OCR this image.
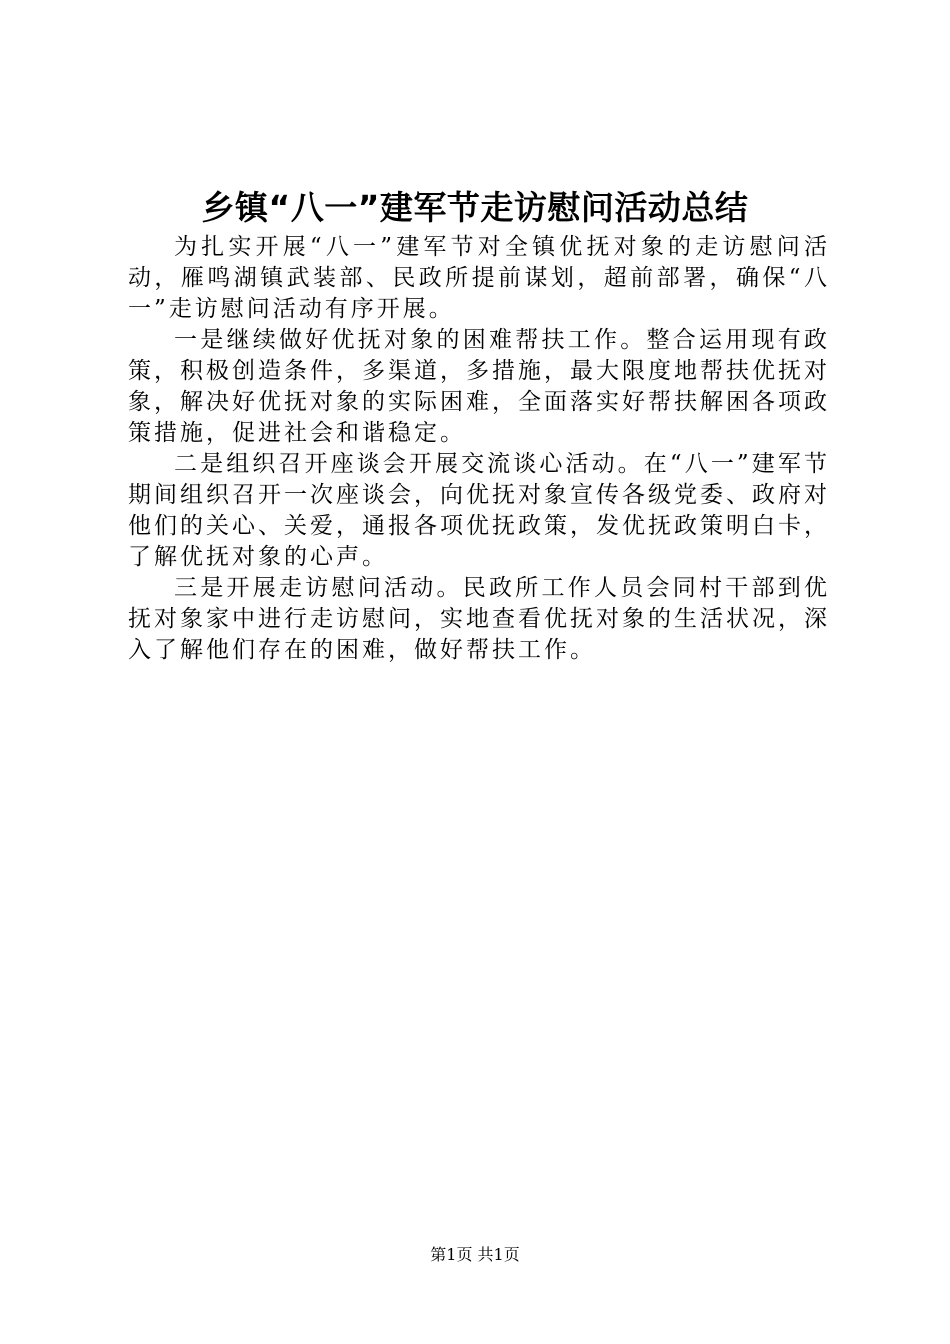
乡镇“八一”建军节走访慰问活动总结

为扎实开展“八一”建军节对全镇优抚对象的走访慰问活动，雁鸣湖镇武装部、民政所提前谋划，超前部署，确保“八一”走访慰问活动有序开展。

一是继续做好优抚对象的困难帮扶工作。整合运用现有政策，积极创造条件，多渠道，多措施，最大限度地帮扶优抚对象，解决好优抚对象的实际困难，全面落实好帮扶解困各项政策措施，促进社会和谐稳定。

二是组织召开座谈会开展交流谈心活动。在“八一”建军节期间组织召开一次座谈会，向优抚对象宣传各级党委、政府对他们的关心、关爱，通报各项优抚政策，发优抚政策明白卡，了解优抚对象的心声。

三是开展走访慰问活动。民政所工作人员会同村干部到优抚对象家中进行走访慰问，实地查看优抚对象的生活状况，深入了解他们存在的困难，做好帮扶工作。

第1页 共1页
